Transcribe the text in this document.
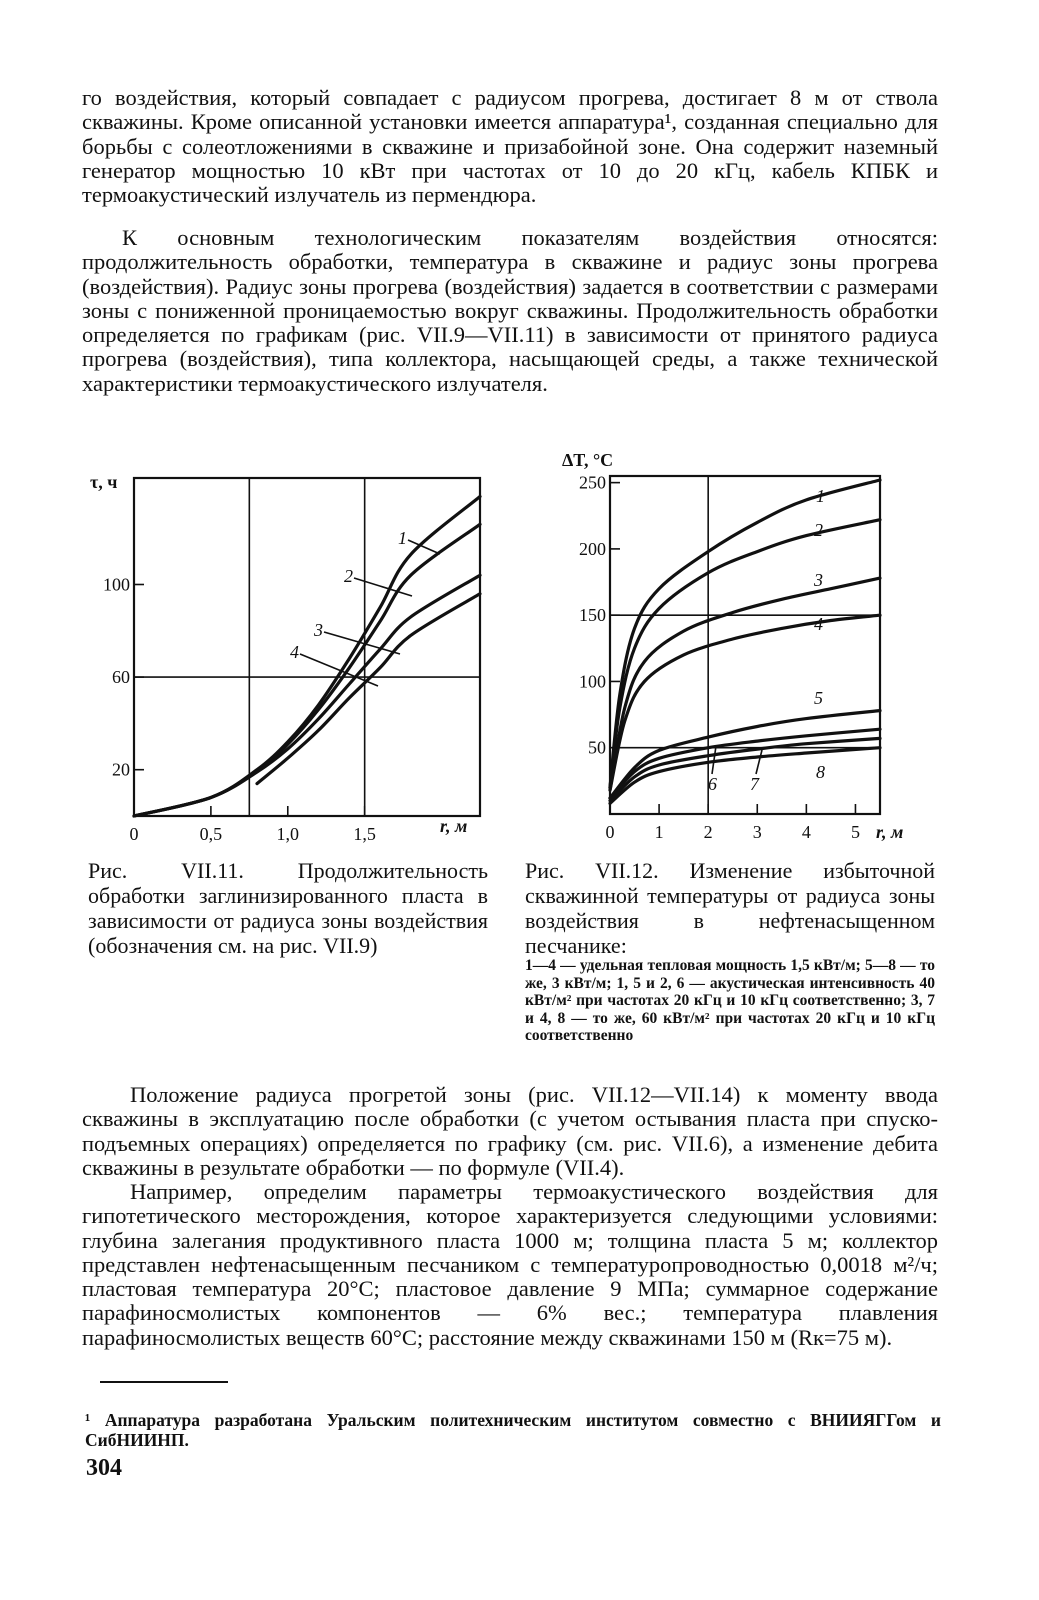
го воздействия, который совпадает с радиусом прогрева, достигает 8 м от ствола скважины. Кроме описанной установки имеется аппаратура¹, созданная специально для борьбы с солеотложениями в скважине и призабойной зоне. Она содержит наземный генератор мощностью 10 кВт при частотах от 10 до 20 кГц, кабель КПБК и термоакустический излучатель из пермендюра.

К основным технологическим показателям воздействия относятся: продолжительность обработки, температура в скважине и радиус зоны прогрева (воздействия). Радиус зоны прогрева (воздействия) задается в соответствии с размерами зоны с пониженной проницаемостью вокруг скважины. Продолжительность обработки определяется по графикам (рис. VII.9—VII.11) в зависимости от принятого радиуса прогрева (воздействия), типа коллектора, насыщающей среды, а также технической характеристики термоакустического излучателя.

0	0,5	1,0	1,5
20
60
100
τ, ч
r, м
1
2
3
4
0 1 2 3 4 5
50
100
150
200
250
ΔT, °С
r, м
1
2
3
4
5
6 7
8

Рис. VII.11. Продолжительность обработки заглинизированного пласта в зависимости от радиуса зоны воздействия (обозначения см. на рис. VII.9)

Рис. VII.12. Изменение избыточной скважинной температуры от радиуса зоны воздействия в нефтенасыщенном песчанике:

1—4 — удельная тепловая мощность 1,5 кВт/м; 5—8 — то же, 3 кВт/м; 1, 5 и 2, 6 — акустическая интенсивность 40 кВт/м² при частотах 20 кГц и 10 кГц соответственно; 3, 7 и 4, 8 — то же, 60 кВт/м² при частотах 20 кГц и 10 кГц соответственно

Положение радиуса прогретой зоны (рис. VII.12—VII.14) к моменту ввода скважины в эксплуатацию после обработки (с учетом остывания пласта при спуско-подъемных операциях) определяется по графику (см. рис. VII.6), а изменение дебита скважины в результате обработки — по формуле (VII.4).

Например, определим параметры термоакустического воздействия для гипотетического месторождения, которое характеризуется следующими условиями: глубина залегания продуктивного пласта 1000 м; толщина пласта 5 м; коллектор представлен нефтенасыщенным песчаником с температуропроводностью 0,0018 м²/ч; пластовая температура 20°С; пластовое давление 9 МПа; суммарное содержание парафиносмолистых компонентов — 6% вес.; температура плавления парафиносмолистых веществ 60°С; расстояние между скважинами 150 м (Rк=75 м).

¹ Аппаратура разработана Уральским политехническим институтом совместно с ВНИИЯГГом и СибНИИНП.

304
